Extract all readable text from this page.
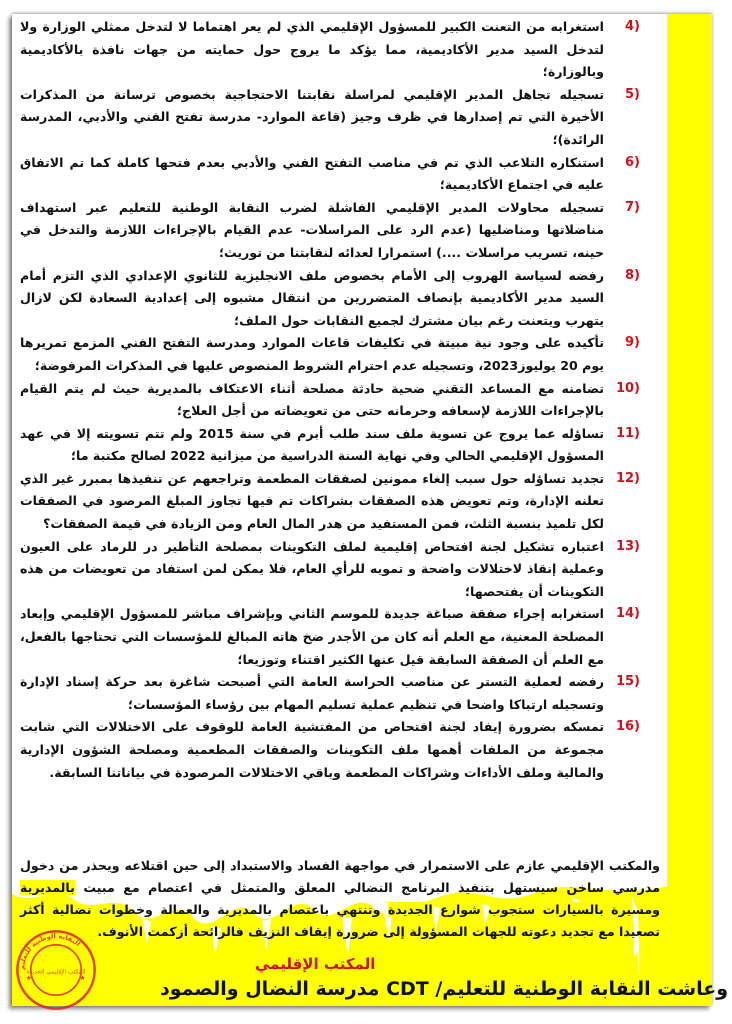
4)
استغرابه من التعنت الكبير للمسؤول الإقليمي الذي لم يعر اهتماما لا لتدخل ممثلي الوزارة ولا لتدخل السيد مدير الأكاديمية، مما يؤكد ما يروج حول حمايته من جهات نافذة بالأكاديمية وبالوزارة؛
5)
تسجيله تجاهل المدير الإقليمي لمراسلة نقابتنا الاحتجاجية بخصوص ترسانة من المذكرات الأخيرة التي تم إصدارها في ظرف وجيز (قاعة الموارد- مدرسة تفتح الفني والأدبي، المدرسة الرائدة)؛
6)
استنكاره التلاعب الذي تم في مناصب التفتح الفني والأدبي بعدم فتحها كاملة كما تم الاتفاق عليه في اجتماع الأكاديمية؛
7)
تسجيله محاولات المدير الإقليمي الفاشلة لضرب النقابة الوطنية للتعليم عبر استهداف مناضلاتها ومناضليها (عدم الرد على المراسلات- عدم القيام بالإجراءات اللازمة والتدخل في حينه، تسريب مراسلات ....) استمرارا لعدائه لنقابتنا من توريث؛
8)
رفضه لسياسة الهروب إلى الأمام بخصوص ملف الانجليزية للثانوي الإعدادي الذي التزم أمام السيد مدير الأكاديمية بإنصاف المتضررين من انتقال مشبوه إلى إعدادية السعادة لكن لازال يتهرب ويتعنت رغم بيان مشترك لجميع النقابات حول الملف؛
9)
تأكيده على وجود نية مبيتة في تكليفات قاعات الموارد ومدرسة التفتح الفني المزمع تمريرها يوم 20 يوليوز2023، وتسجيله عدم احترام الشروط المنصوص عليها في المذكرات المرفوضة؛
10)
تضامنه مع المساعد التقني ضحية حادثة مصلحة أثناء الاعتكاف بالمديرية حيث لم يتم القيام بالإجراءات اللازمة لإسعافه وحرمانه حتى من تعويضاته من أجل العلاج؛
11)
تساؤله عما يروج عن تسوية ملف سند طلب أبرم في سنة 2015 ولم تتم تسويته إلا في عهد المسؤول الإقليمي الحالي وفي نهاية السنة الدراسية من ميزانية 2022 لصالح مكتبة ما؛
12)
تجديد تساؤله حول سبب إلغاء ممونين لصفقات المطعمة وتراجعهم عن تنفيذها بمبرر غير الذي تعلنه الإدارة، وتم تعويض هذه الصفقات بشراكات تم فيها تجاوز المبلغ المرصود في الصفقات لكل تلميذ بنسبة الثلث، فمن المستفيد من هدر المال العام ومن الزيادة في قيمة الصفقات؟
13)
اعتباره تشكيل لجنة افتحاص إقليمية لملف التكوينات بمصلحة التأطير در للرماد على العيون وعملية إنقاذ لاختلالات واضحة و تمويه للرأي العام، فلا يمكن لمن استفاد من تعويضات من هذه التكوينات أن يفتحصها؛
14)
استغرابه إجراء صفقة صباغة جديدة للموسم الثاني وبإشراف مباشر للمسؤول الإقليمي وإبعاد المصلحة المعنية، مع العلم أنه كان من الأجدر ضخ هاته المبالغ للمؤسسات التي تحتاجها بالفعل، مع العلم أن الصفقة السابقة قيل عنها الكثير اقتناء وتوزيعا؛
15)
رفضه لعملية التستر عن مناصب الحراسة العامة التي أصبحت شاغرة بعد حركة إسناد الإدارة وتسجيله ارتباكا واضحا في تنظيم عملية تسليم المهام بين رؤساء المؤسسات؛
16)
تمسكه بضرورة إيفاد لجنة افتحاص من المفتشية العامة للوقوف على الاختلالات التي شابت مجموعة من الملفات أهمها ملف التكوينات والصفقات المطعمية ومصلحة الشؤون الإدارية والمالية وملف الأداءات وشراكات المطعمة وباقي الاختلالات المرصودة في بياناتنا السابقة.
والمكتب الإقليمي عازم على الاستمرار في مواجهة الفساد والاستبداد إلى حين اقتلاعه ويحذر من دخول مدرسي ساخن سيستهل بتنفيذ البرنامج النضالي المعلق والمتمثل في اعتصام مع مبيت بالمديرية ومسيرة بالسيارات ستجوب شوارع الجديدة وتنتهي باعتصام بالمديرية والعمالة وخطوات نضالية أكثر تصعيدا مع تجديد دعوته للجهات المسؤولة إلى ضرورة إيقاف النزيف فالرائحة أزكمت الأنوف.
المكتب الإقليمي
وعاشت النقابة الوطنية للتعليم/ CDT مدرسة النضال والصمود
النقابة الوطنية للتعليم
المكتب الإقليمي الجديدة
★	★
